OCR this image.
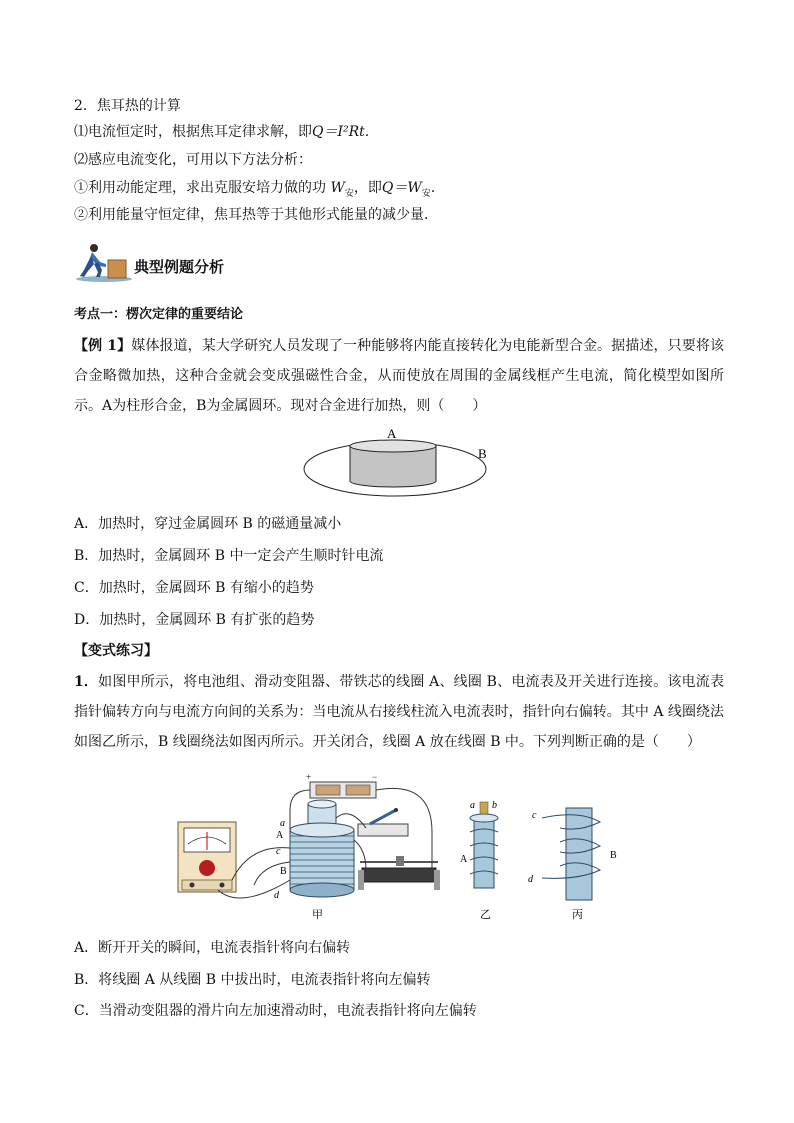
2．焦耳热的计算
⑴电流恒定时，根据焦耳定律求解，即Q＝I²Rt.
⑵感应电流变化，可用以下方法分析：
①利用动能定理，求出克服安培力做的功 $W_安$，即$Q=W_安$.
②利用能量守恒定律，焦耳热等于其他形式能量的减少量．
典型例题分析
考点一：楞次定律的重要结论
【例 1】媒体报道，某大学研究人员发现了一种能够将内能直接转化为电能新型合金。据描述，只要将该合金略微加热，这种合金就会变成强磁性合金，从而使放在周围的金属线框产生电流，简化模型如图所示。A为柱形合金，B为金属圆环。现对合金进行加热，则（　　）
A
B
A．加热时，穿过金属圆环 B 的磁通量减小
B．加热时，金属圆环 B 中一定会产生顺时针电流
C．加热时，金属圆环 B 有缩小的趋势
D．加热时，金属圆环 B 有扩张的趋势
【变式练习】
1．如图甲所示，将电池组、滑动变阻器、带铁芯的线圈 A、线圈 B、电流表及开关进行连接。该电流表指针偏转方向与电流方向间的关系为：当电流从右接线柱流入电流表时，指针向右偏转。其中 A 线圈绕法如图乙所示，B 线圈绕法如图丙所示。开关闭合，线圈 A 放在线圈 B 中。下列判断正确的是（　　）
+	−
a
A
c
B
d
甲
a b
A
乙
c
B
d
丙
A．断开开关的瞬间，电流表指针将向右偏转
B．将线圈 A 从线圈 B 中拔出时，电流表指针将向左偏转
C．当滑动变阻器的滑片向左加速滑动时，电流表指针将向左偏转
